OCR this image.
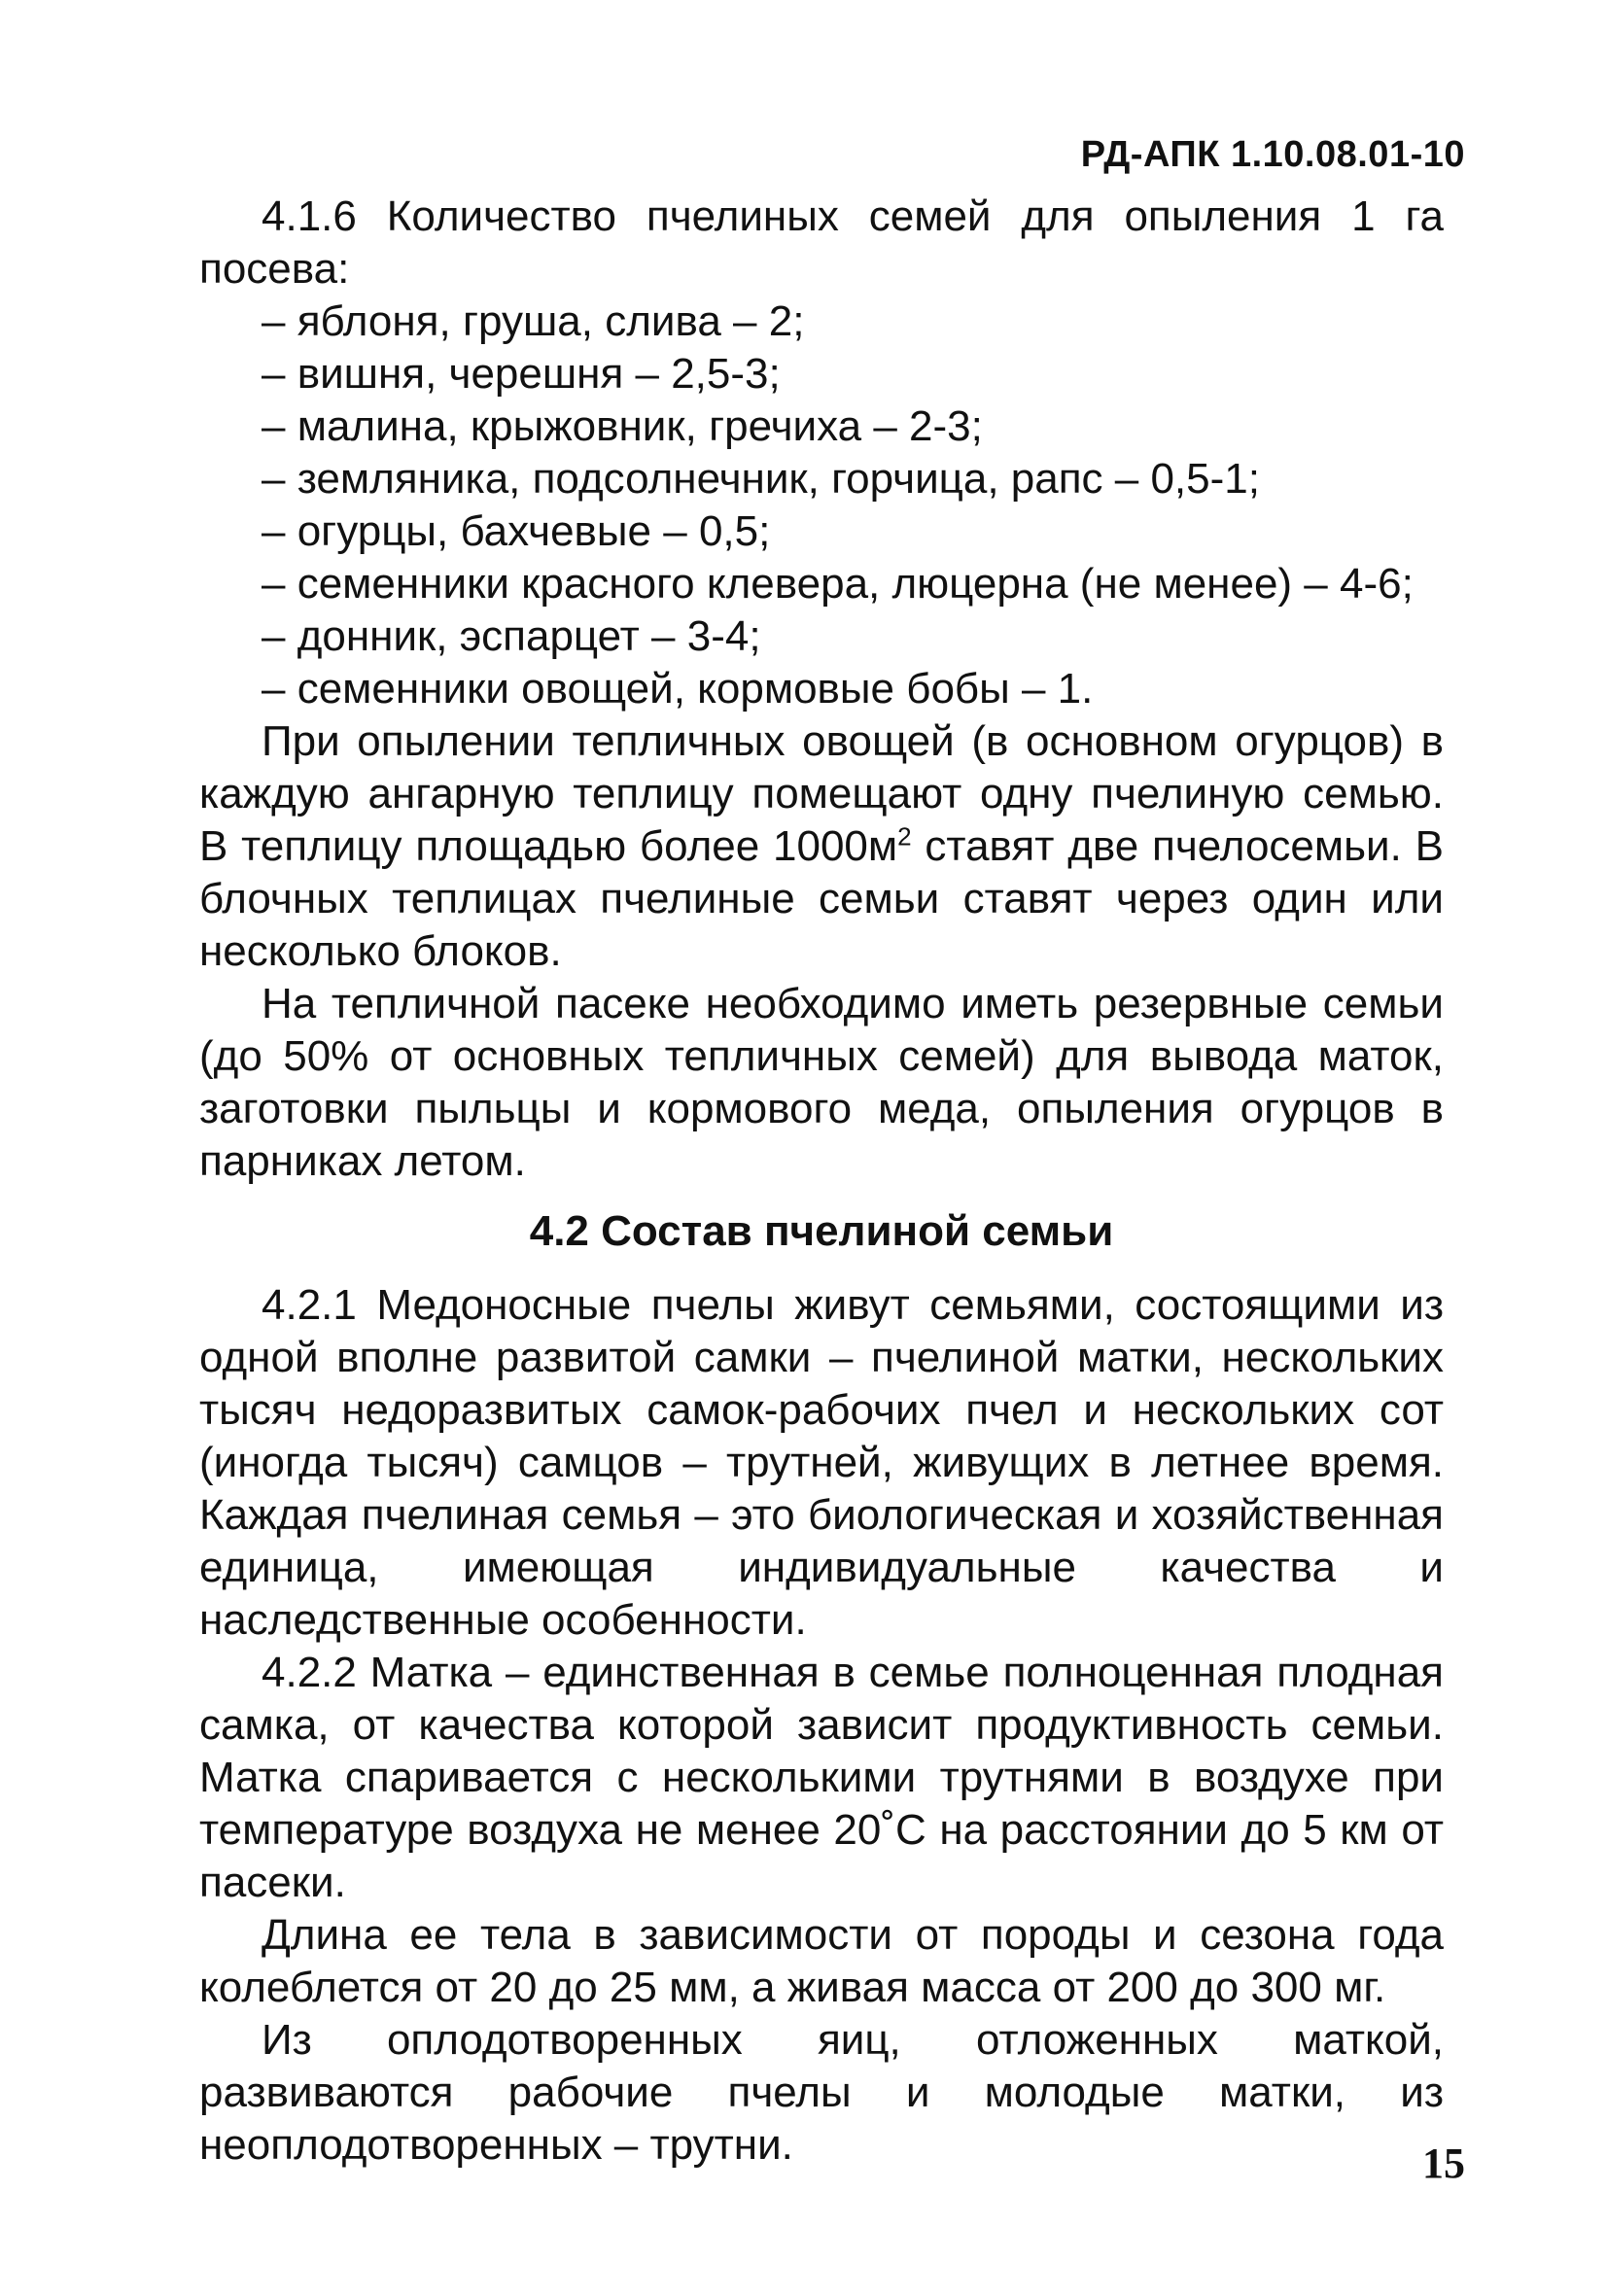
РД-АПК 1.10.08.01-10

4.1.6 Количество пчелиных семей для опыления 1 га посева:

– яблоня, груша, слива – 2;
– вишня, черешня – 2,5-3;
– малина, крыжовник, гречиха – 2-3;
– земляника, подсолнечник, горчица, рапс – 0,5-1;
– огурцы, бахчевые – 0,5;
– семенники красного клевера, люцерна (не менее) – 4-6;
– донник, эспарцет – 3-4;
– семенники овощей, кормовые бобы – 1.

При опылении тепличных овощей (в основном огурцов) в каждую ангарную теплицу помещают одну пчелиную семью. В теплицу площадью более $1000м^2$ ставят две пчелосемьи. В блочных теплицах пчелиные семьи ставят через один или несколько блоков.

На тепличной пасеке необходимо иметь резервные семьи (до 50% от основных тепличных семей) для вывода маток, заготовки пыльцы и кормового меда, опыления огурцов в парниках летом.

4.2 Состав пчелиной семьи

4.2.1 Медоносные пчелы живут семьями, состоящими из одной вполне развитой самки – пчелиной матки, нескольких тысяч недоразвитых самок-рабочих пчел и нескольких сот (иногда тысяч) самцов – трутней, живущих в летнее время. Каждая пчелиная семья – это биологическая и хозяйственная единица, имеющая индивидуальные качества и наследственные особенности.

4.2.2 Матка – единственная в семье полноценная плодная самка, от качества которой зависит продуктивность семьи. Матка спаривается с несколькими трутнями в воздухе при температуре воздуха не менее 20˚С на расстоянии до 5 км от пасеки.

Длина ее тела в зависимости от породы и сезона года колеблется от 20 до 25 мм, а живая масса от 200 до 300 мг.

Из оплодотворенных яиц, отложенных маткой, развиваются рабочие пчелы и молодые матки, из неоплодотворенных – трутни.	15
